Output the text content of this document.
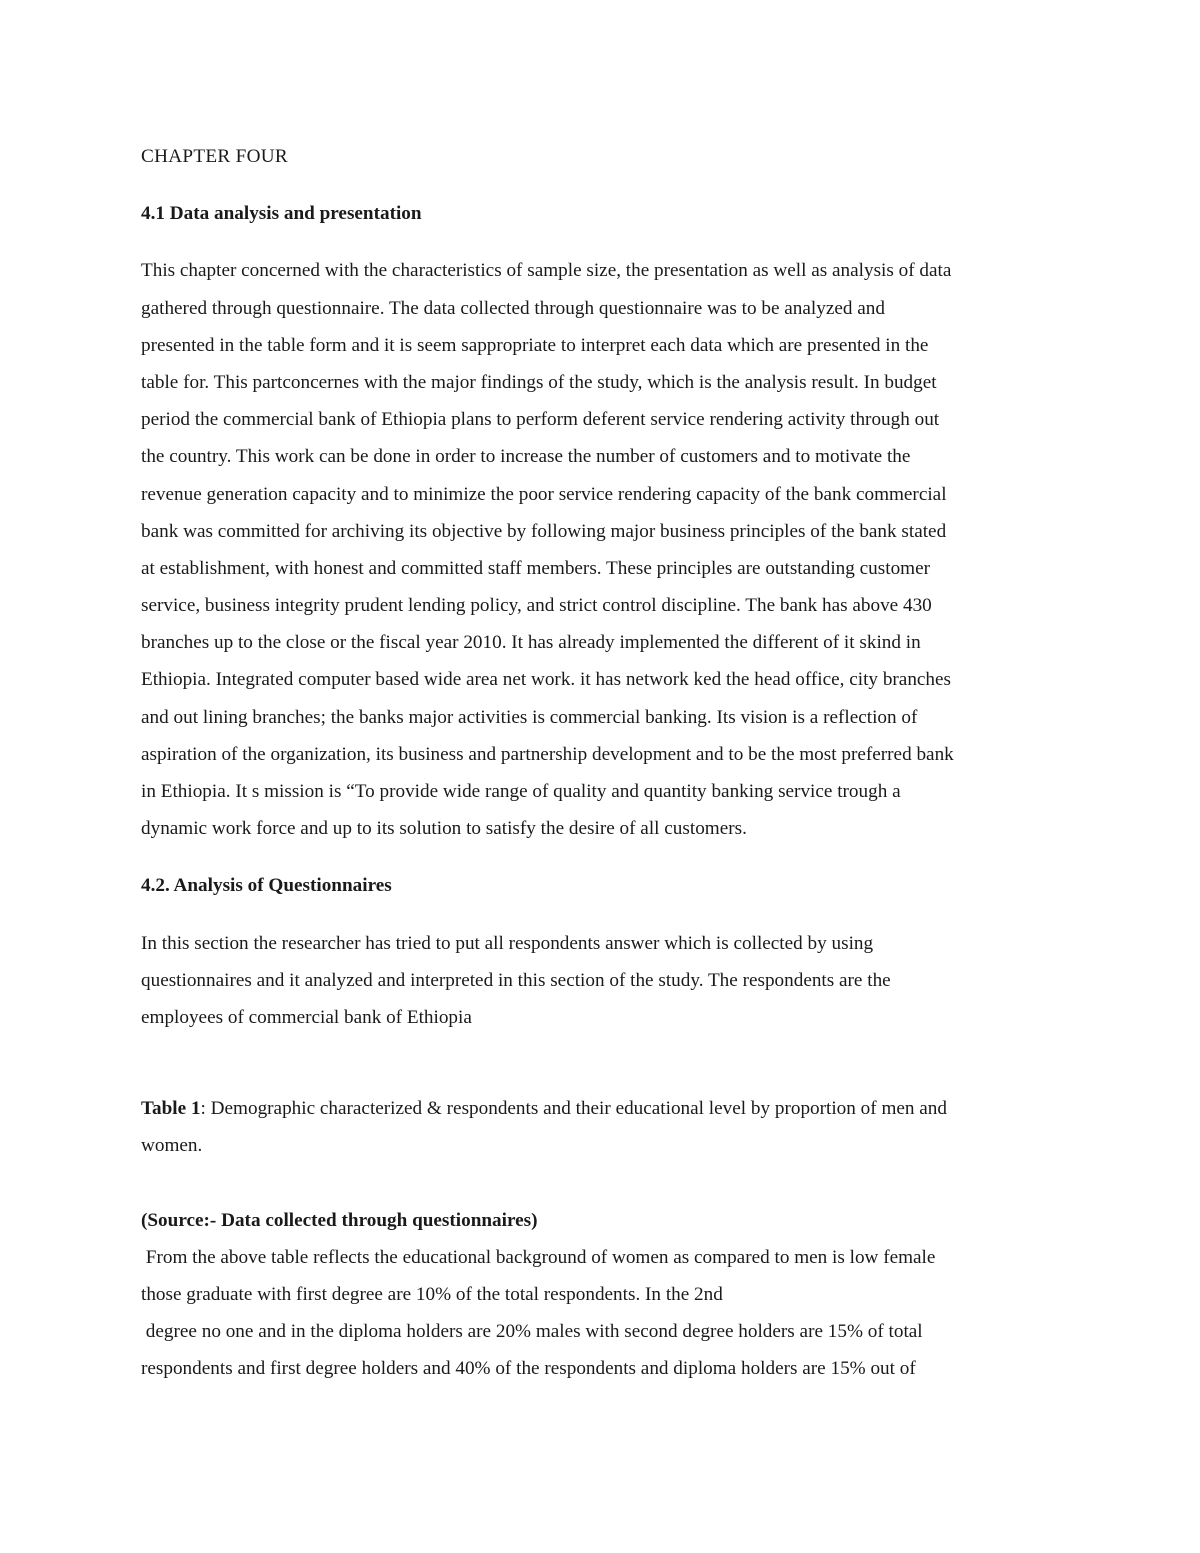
CHAPTER FOUR
4.1 Data analysis and presentation
This chapter concerned with the characteristics of sample size, the presentation as well as analysis of data
gathered through questionnaire. The data collected through questionnaire was to be analyzed and
presented in the table form and it is seem sappropriate to interpret each data which are presented in the
table for. This partconcernes with the major findings of the study, which is the analysis result. In budget
period the commercial bank of Ethiopia plans to perform deferent service rendering activity through out
the country. This work can be done in order to increase the number of customers and to motivate the
revenue generation capacity and to minimize the poor service rendering capacity of the bank commercial
bank was committed for archiving its objective by following major business principles of the bank stated
at establishment, with honest and committed staff members. These principles are outstanding customer
service, business integrity prudent lending policy, and strict control discipline. The bank has above 430
branches up to the close or the fiscal year 2010. It has already implemented the different of it skind in
Ethiopia. Integrated computer based wide area net work. it has network ked the head office, city branches
and out lining branches; the banks major activities is commercial banking. Its vision is a reflection of
aspiration of the organization, its business and partnership development and to be the most preferred bank
in Ethiopia. It s mission is “To provide wide range of quality and quantity banking service trough a
dynamic work force and up to its solution to satisfy the desire of all customers.
4.2. Analysis of Questionnaires
In this section the researcher has tried to put all respondents answer which is collected by using
questionnaires and it analyzed and interpreted in this section of the study. The respondents are the
employees of commercial bank of Ethiopia
Table 1: Demographic characterized & respondents and their educational level by proportion of men and
women.
(Source:- Data collected through questionnaires)
From the above table reflects the educational background of women as compared to men is low female
those graduate with first degree are 10% of the total respondents. In the 2nd
degree no one and in the diploma holders are 20% males with second degree holders are 15% of total
respondents and first degree holders and 40% of the respondents and diploma holders are 15% out of
